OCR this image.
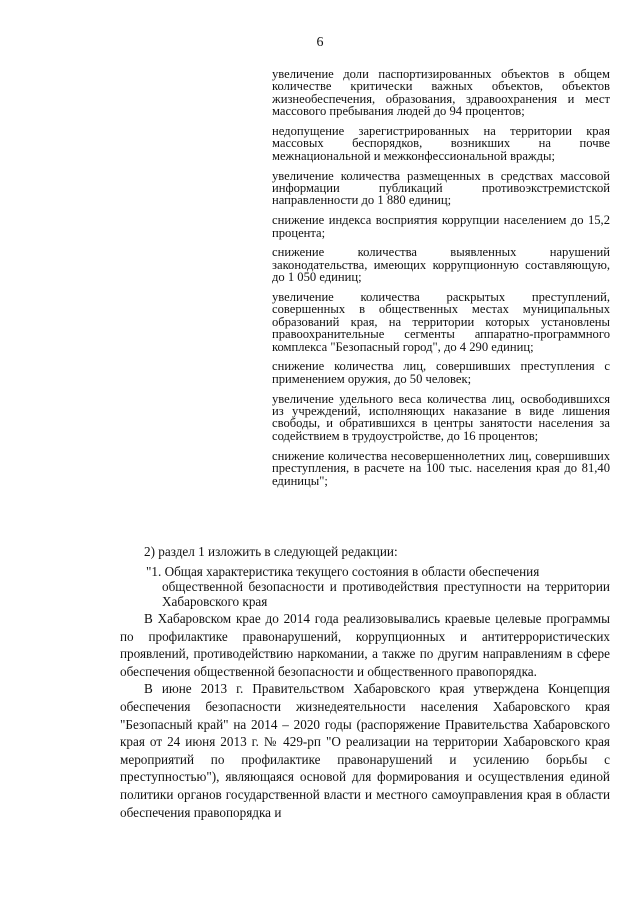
6
увеличение доли паспортизированных объектов в общем количестве критически важных объектов, объектов жизнеобеспечения, образования, здравоохранения и мест массового пребывания людей до 94 процентов;
недопущение зарегистрированных на территории края массовых беспорядков, возникших на почве межнациональной и межконфессиональной вражды;
увеличение количества размещенных в средствах массовой информации публикаций противоэкстремистской направленности до 1 880 единиц;
снижение индекса восприятия коррупции населением до 15,2 процента;
снижение количества выявленных нарушений законодательства, имеющих коррупционную составляющую, до 1 050 единиц;
увеличение количества раскрытых преступлений, совершенных в общественных местах муниципальных образований края, на территории которых установлены правоохранительные сегменты аппаратно-программного комплекса "Безопасный город", до 4 290 единиц;
снижение количества лиц, совершивших преступления с применением оружия, до 50 человек;
увеличение удельного веса количества лиц, освободившихся из учреждений, исполняющих наказание в виде лишения свободы, и обратившихся в центры занятости населения за содействием в трудоустройстве, до 16 процентов;
снижение количества несовершеннолетних лиц, совершивших преступления, в расчете на 100 тыс. населения края до 81,40 единицы";
2) раздел 1 изложить в следующей редакции:
"1. Общая характеристика текущего состояния в области обеспечения
общественной безопасности и противодействия преступности на территории Хабаровского края

В Хабаровском крае до 2014 года реализовывались краевые целевые программы по профилактике правонарушений, коррупционных и антитеррористических проявлений, противодействию наркомании, а также по другим направлениям в сфере обеспечения общественной безопасности и общественного правопорядка.

В июне 2013 г. Правительством Хабаровского края утверждена Концепция обеспечения безопасности жизнедеятельности населения Хабаровского края "Безопасный край" на 2014 – 2020 годы (распоряжение Правительства Хабаровского края от 24 июня 2013 г. № 429-рп "О реализации на территории Хабаровского края мероприятий по профилактике правонарушений и усилению борьбы с преступностью"), являющаяся основой для формирования и осуществления единой политики органов государственной власти и местного самоуправления края в области обеспечения правопорядка и
